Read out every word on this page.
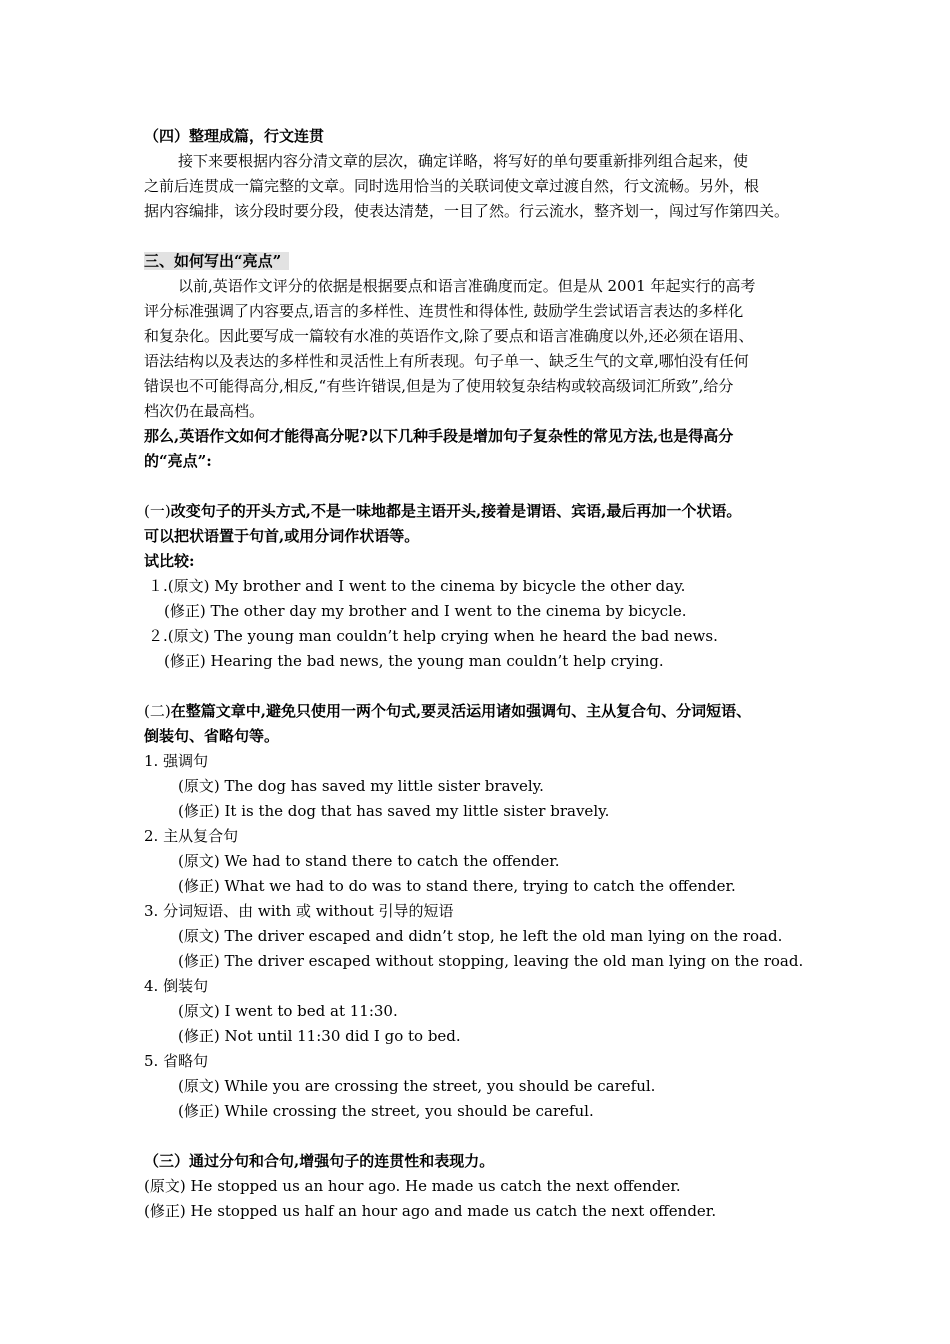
（四）整理成篇，行文连贯
接下来要根据内容分清文章的层次，确定详略，将写好的单句要重新排列组合起来，使
之前后连贯成一篇完整的文章。同时选用恰当的关联词使文章过渡自然，行文流畅。另外，根
据内容编排，该分段时要分段，使表达清楚，一目了然。行云流水，整齐划一，闯过写作第四关。
三、如何写出“亮点”
以前,英语作文评分的依据是根据要点和语言准确度而定。但是从 2001 年起实行的高考
评分标准强调了内容要点,语言的多样性、连贯性和得体性, 鼓励学生尝试语言表达的多样化
和复杂化。因此要写成一篇较有水准的英语作文,除了要点和语言准确度以外,还必须在语用、
语法结构以及表达的多样性和灵活性上有所表现。句子单一、缺乏生气的文章,哪怕没有任何
错误也不可能得高分,相反,“有些许错误,但是为了使用较复杂结构或较高级词汇所致”,给分
档次仍在最高档。
那么,英语作文如何才能得高分呢?以下几种手段是增加句子复杂性的常见方法,也是得高分
的“亮点”:
(一)改变句子的开头方式,不是一味地都是主语开头,接着是谓语、宾语,最后再加一个状语。
可以把状语置于句首,或用分词作状语等。
试比较:
１.(原文) My brother and I went to the cinema by bicycle the other day.
(修正) The other day my brother and I went to the cinema by bicycle.
２.(原文) The young man couldn’t help crying when he heard the bad news.
(修正) Hearing the bad news, the young man couldn’t help crying.
(二)在整篇文章中,避免只使用一两个句式,要灵活运用诸如强调句、主从复合句、分词短语、
倒装句、省略句等。
1. 强调句
(原文) The dog has saved my little sister bravely.
(修正) It is the dog that has saved my little sister bravely.
2. 主从复合句
(原文) We had to stand there to catch the offender.
(修正) What we had to do was to stand there, trying to catch the offender.
3. 分词短语、由 with 或 without 引导的短语
(原文) The driver escaped and didn’t stop, he left the old man lying on the road.
(修正) The driver escaped without stopping, leaving the old man lying on the road.
4. 倒装句
(原文) I went to bed at 11:30.
(修正) Not until 11:30 did I go to bed.
5. 省略句
(原文) While you are crossing the street, you should be careful.
(修正) While crossing the street, you should be careful.
（三）通过分句和合句,增强句子的连贯性和表现力。
(原文) He stopped us an hour ago. He made us catch the next offender.
(修正) He stopped us half an hour ago and made us catch the next offender.
